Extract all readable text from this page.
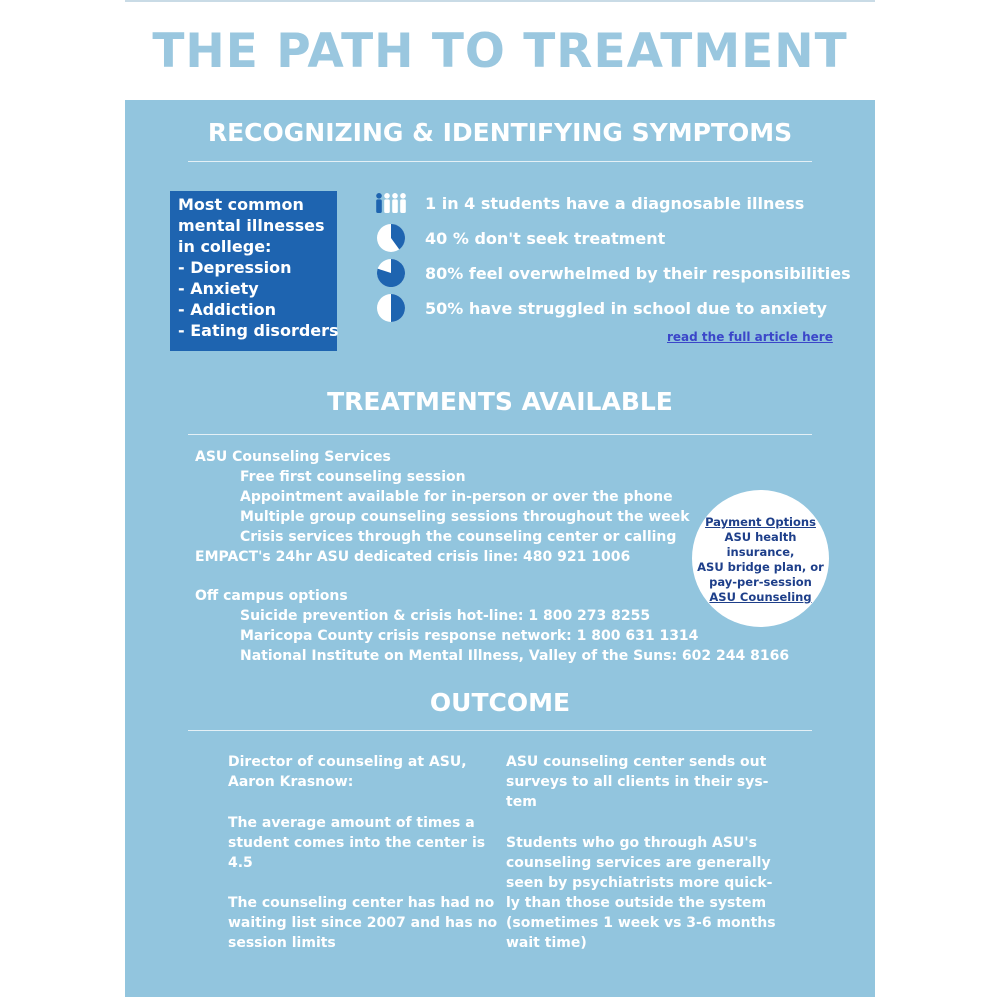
THE PATH TO TREATMENT
RECOGNIZING & IDENTIFYING SYMPTOMS
Most common
mental illnesses
in college:
- Depression
- Anxiety
- Addiction
- Eating disorders
1 in 4 students have a diagnosable illness
40 % don't seek treatment
80% feel overwhelmed by their responsibilities
50% have struggled in school due to anxiety
read the full article here
TREATMENTS AVAILABLE
ASU Counseling Services
Free first counseling session
Appointment available for in-person or over the phone
Multiple group counseling sessions throughout the week
Crisis services through the counseling center or calling
EMPACT's 24hr ASU dedicated crisis line: 480 921 1006
Off campus options
Suicide prevention & crisis hot-line: 1 800 273 8255
Maricopa County crisis response network: 1 800 631 1314
National Institute on Mental Illness, Valley of the Suns: 602 244 8166
Payment Options
ASU health insurance,
ASU bridge plan, or
pay-per-session
ASU Counseling
OUTCOME
Director of counseling at ASU,
Aaron Krasnow:
The average amount of times a
student comes into the center is
4.5
The counseling center has had no
waiting list since 2007 and has no
session limits
ASU counseling center sends out
surveys to all clients in their sys-
tem
Students who go through ASU's
counseling services are generally
seen by psychiatrists more quick-
ly than those outside the system
(sometimes 1 week vs 3-6 months
wait time)
